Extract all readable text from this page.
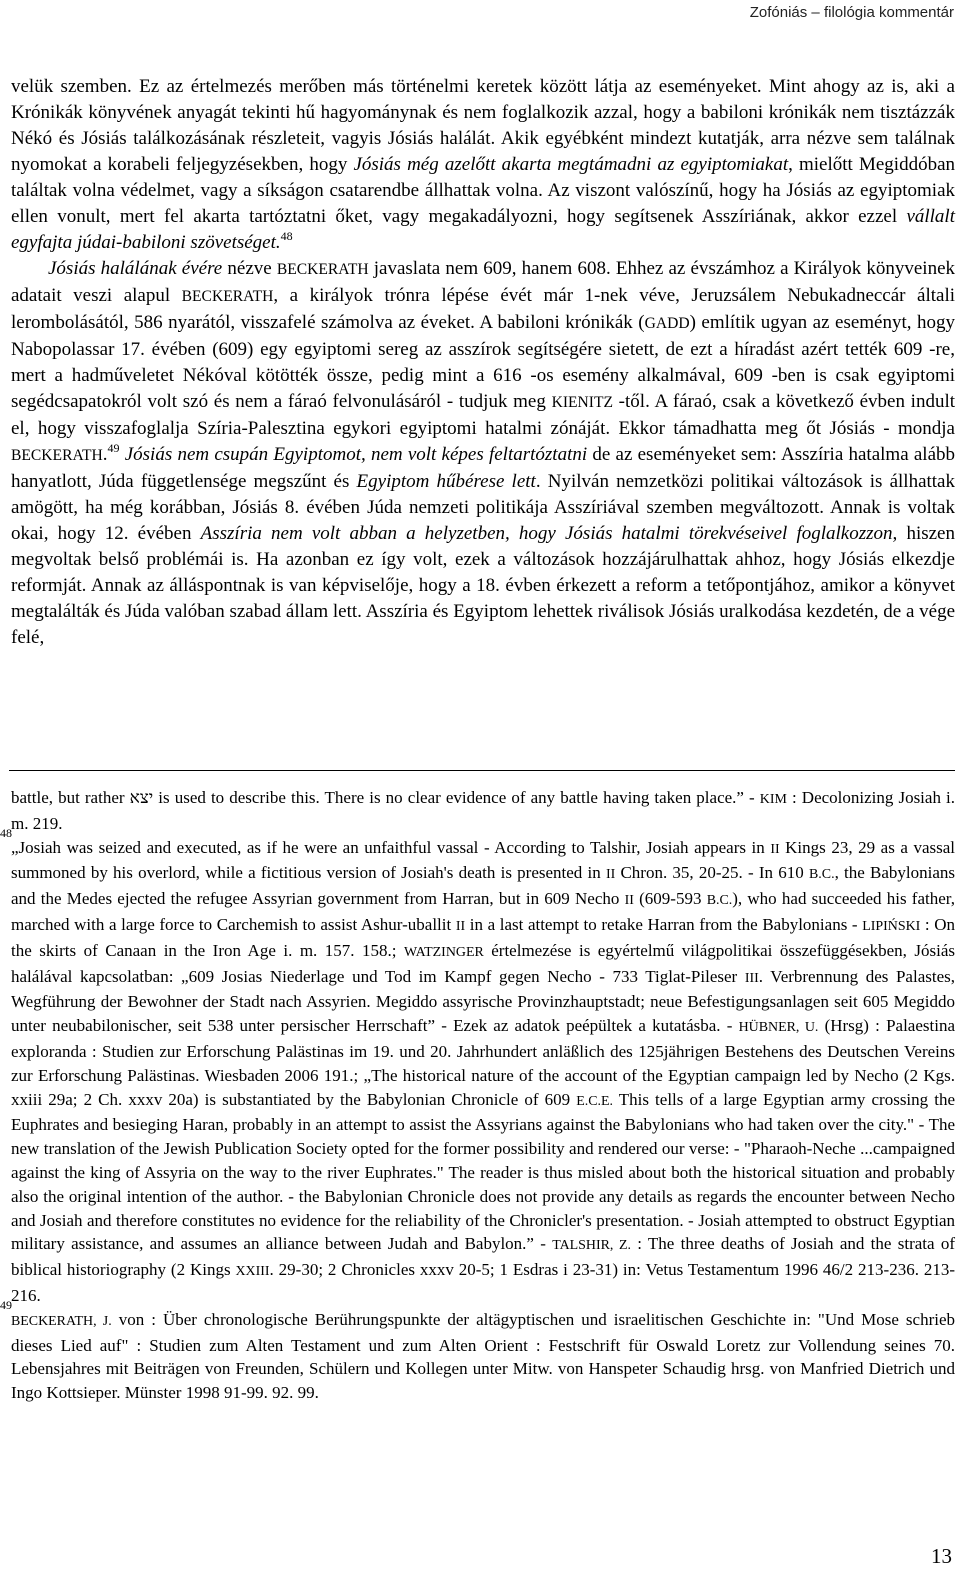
Zofóniás – filológia kommentár

velük szemben. Ez az értelmezés merőben más történelmi keretek között látja az eseményeket. Mint ahogy az is, aki a Krónikák könyvének anyagát tekinti hű hagyománynak és nem foglalkozik azzal, hogy a babiloni krónikák nem tisztázzák Nékó és Jósiás találkozásának részleteit, vagyis Jósiás halálát. Akik egyébként mindezt kutatják, arra nézve sem találnak nyomokat a korabeli feljegyzésekben, hogy Jósiás még azelőtt akarta megtámadni az egyiptomiakat, mielőtt Megiddóban találtak volna védelmet, vagy a síkságon csatarendbe állhattak volna. Az viszont valószínű, hogy ha Jósiás az egyiptomiak ellen vonult, mert fel akarta tartóztatni őket, vagy megakadályozni, hogy segítsenek Asszíriának, akkor ezzel vállalt egyfajta júdai-babiloni szövetséget.$^{48}$

Jósiás halálának évére nézve BECKERATH javaslata nem 609, hanem 608. Ehhez az évszámhoz a Királyok könyveinek adatait veszi alapul BECKERATH, a királyok trónra lépése évét már 1-nek véve, Jeruzsálem Nebukadneccár általi lerombolásától, 586 nyarától, visszafelé számolva az éveket. A babiloni krónikák (GADD) említik ugyan az eseményt, hogy Nabopolassar 17. évében (609) egy egyiptomi sereg az asszírok segítségére sietett, de ezt a híradást azért tették 609 -re, mert a hadműveletet Nékóval kötötték össze, pedig mint a 616 -os esemény alkalmával, 609 -ben is csak egyiptomi segédcsapatokról volt szó és nem a fáraó felvonulásáról - tudjuk meg KIENITZ -től. A fáraó, csak a következő évben indult el, hogy visszafoglalja Szíria-Palesztina egykori egyiptomi hatalmi zónáját. Ekkor támadhatta meg őt Jósiás - mondja BECKERATH.$^{49}$ Jósiás nem csupán Egyiptomot, nem volt képes feltartóztatni de az eseményeket sem: Asszíria hatalma alább hanyatlott, Júda függetlensége megszűnt és Egyiptom hűbérese lett. Nyilván nemzetközi politikai változások is állhattak amögött, ha még korábban, Jósiás 8. évében Júda nemzeti politikája Asszíriával szemben megváltozott. Annak is voltak okai, hogy 12. évében Asszíria nem volt abban a helyzetben, hogy Jósiás hatalmi törekvéseivel foglalkozzon, hiszen megvoltak belső problémái is. Ha azonban ez így volt, ezek a változások hozzájárulhattak ahhoz, hogy Jósiás elkezdje reformját. Annak az álláspontnak is van képviselője, hogy a 18. évben érkezett a reform a tetőpontjához, amikor a könyvet megtalálták és Júda valóban szabad állam lett. Asszíria és Egyiptom lehettek riválisok Jósiás uralkodása kezdetén, de a vége felé,

battle, but rather יצא is used to describe this. There is no clear evidence of any battle having taken place.” - KIM : Decolonizing Josiah i. m. 219.

48
„Josiah was seized and executed, as if he were an unfaithful vassal - According to Talshir, Josiah appears in II Kings 23, 29 as a vassal summoned by his overlord, while a fictitious version of Josiah's death is presented in II Chron. 35, 20-25. - In 610 B.C., the Babylonians and the Medes ejected the refugee Assyrian government from Harran, but in 609 Necho II (609-593 B.C.), who had succeeded his father, marched with a large force to Carchemish to assist Ashur-uballit II in a last attempt to retake Harran from the Babylonians - LIPIŃSKI : On the skirts of Canaan in the Iron Age i. m. 157. 158.; WATZINGER értelmezése is egyértelmű világpolitikai összefüggésekben, Jósiás halálával kapcsolatban: „609 Josias Niederlage und Tod im Kampf gegen Necho - 733 Tiglat-Pileser III. Verbrennung des Palastes, Wegführung der Bewohner der Stadt nach Assyrien. Megiddo assyrische Provinzhauptstadt; neue Befestigungsanlagen seit 605 Megiddo unter neubabilonischer, seit 538 unter persischer Herrschaft” - Ezek az adatok peépültek a kutatásba. - HÜBNER, U. (Hrsg) : Palaestina exploranda : Studien zur Erforschung Palästinas im 19. und 20. Jahrhundert anläßlich des 125jährigen Bestehens des Deutschen Vereins zur Erforschung Palästinas. Wiesbaden 2006 191.; „The historical nature of the account of the Egyptian campaign led by Necho (2 Kgs. xxiii 29a; 2 Ch. xxxv 20a) is substantiated by the Babylonian Chronicle of 609 E.C.E. This tells of a large Egyptian army crossing the Euphrates and besieging Haran, probably in an attempt to assist the Assyrians against the Babylonians who had taken over the city." - The new translation of the Jewish Publication Society opted for the former possibility and rendered our verse: - "Pharaoh-Neche ...campaigned against the king of Assyria on the way to the river Euphrates." The reader is thus misled about both the historical situation and probably also the original intention of the author. - the Babylonian Chronicle does not provide any details as regards the encounter between Necho and Josiah and therefore constitutes no evidence for the reliability of the Chronicler's presentation. - Josiah attempted to obstruct Egyptian military assistance, and assumes an alliance between Judah and Babylon.” - TALSHIR, Z. : The three deaths of Josiah and the strata of biblical historiography (2 Kings XXIII. 29-30; 2 Chronicles xxxv 20-5; 1 Esdras i 23-31) in: Vetus Testamentum 1996 46/2 213-236. 213-216.

49
BECKERATH, J. von : Über chronologische Berührungspunkte der altägyptischen und israelitischen Geschichte in: "Und Mose schrieb dieses Lied auf" : Studien zum Alten Testament und zum Alten Orient : Festschrift für Oswald Loretz zur Vollendung seines 70. Lebensjahres mit Beiträgen von Freunden, Schülern und Kollegen unter Mitw. von Hanspeter Schaudig hrsg. von Manfried Dietrich und Ingo Kottsieper. Münster 1998 91-99. 92. 99.

13
